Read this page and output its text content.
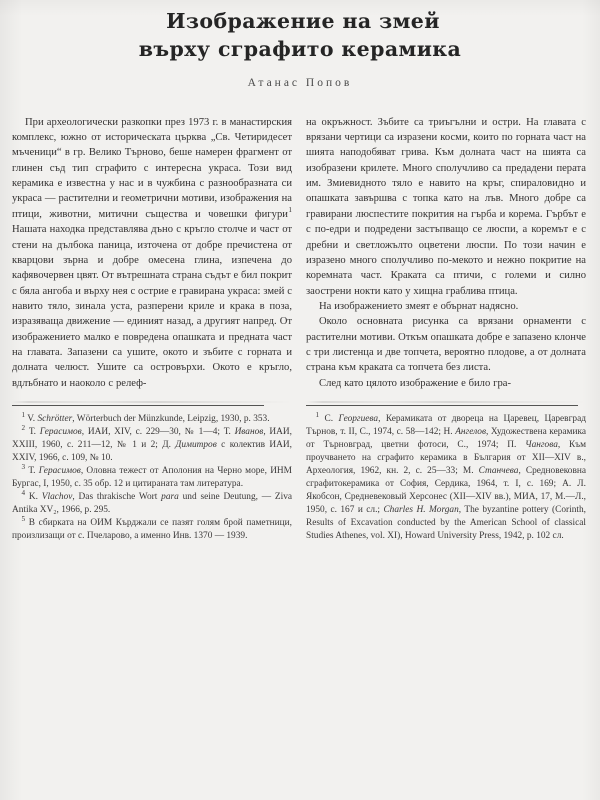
Изображение на змей
върху сграфито керамика
Атанас Попов

При археологически разкопки през 1973 г. в манастирския комплекс, южно от историческата църква „Св. Четиридесет мъченици“ в гр. Велико Търново, беше намерен фрагмент от глинен съд тип сграфито с интересна украса. Този вид керамика е известна у нас и в чужбина с разнообразната си украса — растителни и геометрични мотиви, изображения на птици, животни, митични същества и човешки фигури$^1$ Нашата находка представлява дъно с кръгло столче и част от стени на дълбока паница, източена от добре пречистена от кварцови зърна и добре омесена глина, изпечена до кафявочервен цвят. От вътрешната страна съдът е бил покрит с бяла ангоба и върху нея с острие е гравирана украса: змей с навито тяло, зинала уста, разперени криле и крака в поза, изразяваща движение — единият назад, а другият напред. От изображението малко е повредена опашката и предната част на главата. Запазени са ушите, окото и зъбите с горната и долната челюст. Ушите са островърхи. Окото е кръгло, вдлъбнато и наоколо с релеф-

$^1$ V. Schrötter, Wörterbuch der Münzkunde, Leipzig, 1930, p. 353.

$^2$ Т. Герасимов, ИАИ, XIV, с. 229—30, № 1—4; Т. Иванов, ИАИ, XXIII, 1960, с. 211—12, № 1 и 2; Д. Димитров с колектив ИАИ, XXIV, 1966, с. 109, № 10.

$^3$ Т. Герасимов, Оловна тежест от Аполония на Черно море, ИНМ Бургас, I, 1950, с. 35 обр. 12 и цитираната там литература.

$^4$ K. Vlachov, Das thrakische Wort para und seine Deutung, — Ziva Antika XV₂, 1966, p. 295.

$^5$ В сбирката на ОИМ Кърджали се пазят голям брой паметници, произлизащи от с. Пчеларово, а именно Инв. 1370 — 1939.

на окръжност. Зъбите са триъгълни и остри. На главата с врязани чертици са изразени косми, които по горната част на шията наподобяват грива. Към долната част на шията са изобразени крилете. Много сполучливо са предадени перата им. Змиевидното тяло е навито на кръг, спираловидно и опашката завършва с топка като на лъв. Много добре са гравирани люспестите покрития на гърба и корема. Гърбът е с по-едри и подредени застъпващо се люспи, а коремът е с дребни и светложълто оцветени люспи. По този начин е изразено много сполучливо по-мекото и нежно покритие на коремната част. Краката са птичи, с големи и силно заострени нокти като у хищна граблива птица.

На изображението змеят е обърнат надясно.

Около основната рисунка са врязани орнаменти с растителни мотиви. Откъм опашката добре е запазено клонче с три листенца и две топчета, вероятно плодове, а от долната страна към краката са топчета без листа.

След като цялото изображение е било гра-

$^1$ С. Георгиева, Керамиката от двореца на Царевец, Царевград Търнов, т. II, С., 1974, с. 58—142; Н. Ангелов, Художествена керамика от Търновград, цветни фотоси, С., 1974; П. Чангова, Към проучването на сграфито керамика в България от XII—XIV в., Археология, 1962, кн. 2, с. 25—33; М. Станчева, Средновековна сграфитокерамика от София, Сердика, 1964, т. I, с. 169; А. Л. Якобсон, Средневековый Херсонес (XII—XIV вв.), МИА, 17, М.—Л., 1950, с. 167 и сл.; Charles H. Morgan, The byzantine pottery (Corinth, Results of Excavation conducted by the American School of classical Studies Athenes, vol. XI), Howard University Press, 1942, p. 102 сл.
